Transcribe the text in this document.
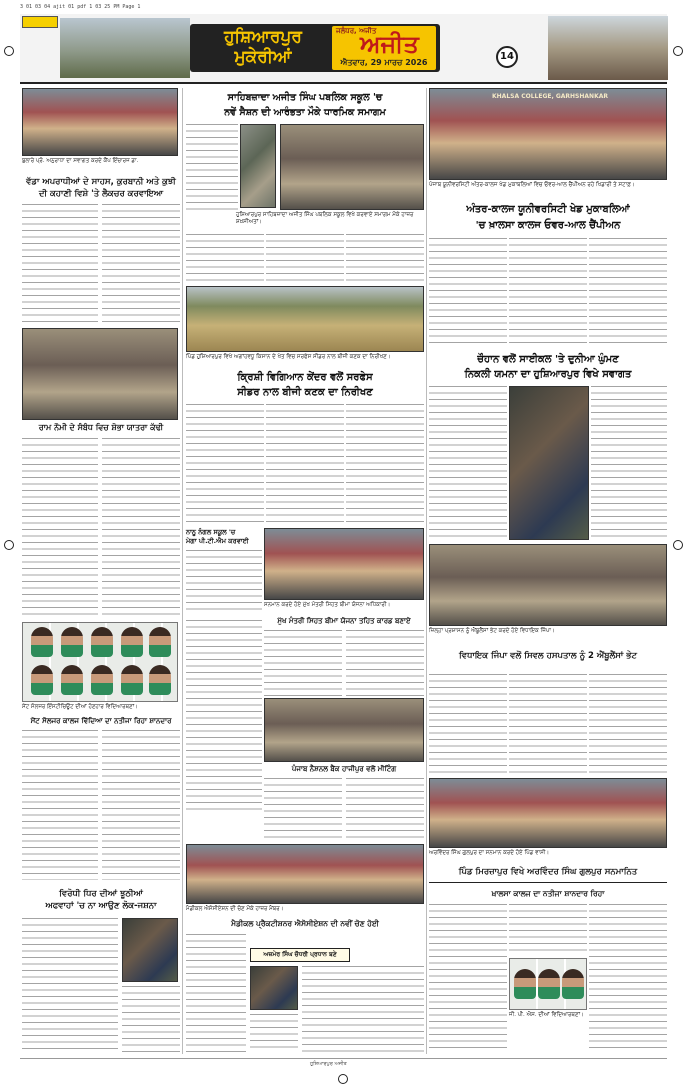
3 01 03 04 ajit 01 pdf 1 03 25 PM Page 1
ਹੁਸ਼ਿਆਰਪੁਰ
ਮੁਕੇਰੀਆਂ
ਜਲੰਧਰ, ਅਜੀਤ
ਅਜੀਤ
ਐਤਵਾਰ, 29 ਮਾਰਚ 2026
14
ਬੁਲਾਰੇ ਪ੍ਰੋ. ਅਨੁਰਾਧਾ ਦਾ ਸਵਾਗਤ ਕਰਦੇ ਕੈਂਪ ਇੰਚਾਰਜ ਡਾ.
ਵੱਡਾ ਅਪਰਾਧੀਆਂ ਦੇ ਸਾਹਸ, ਕੁਰਬਾਨੀ ਅਤੇ ਕੁਝੀ
ਦੀ ਕਹਾਣੀ ਵਿਸ਼ੇ 'ਤੇ ਲੈਕਚਰ ਕਰਵਾਇਆ
ਰਾਮ ਨੌਮੀ ਦੇ ਸੰਬੰਧ ਵਿਚ ਸ਼ੋਭਾ ਯਾਤਰਾ ਕੱਢੀ
ਸੇਂਟ ਸੋਲਜਰ ਇੰਸਟੀਚਿਊਟ ਦੀਆਂ ਹੋਣਹਾਰ ਵਿਦਿਆਰਥਣਾਂ।
ਸੇਂਟ ਸੋਲਜਰ ਕਾਲਜ ਵਿੱਦਿਆ ਦਾ ਨਤੀਜਾ ਰਿਹਾ ਸ਼ਾਨਦਾਰ
ਵਿਰੋਧੀ ਧਿਰ ਦੀਆਂ ਝੂਠੀਆਂ
ਅਫਵਾਹਾਂ 'ਚ ਨਾ ਆਉਣ ਲੋਕ-ਜਸ਼ਨਾ
ਸਾਹਿਬਜ਼ਾਦਾ ਅਜੀਤ ਸਿੰਘ ਪਬਲਿਕ ਸਕੂਲ 'ਚ
ਨਵੇਂ ਸੈਸ਼ਨ ਦੀ ਆਰੰਭਤਾ ਮੌਕੇ ਧਾਰਮਿਕ ਸਮਾਗਮ
ਹੁਸ਼ਿਆਰਪੁਰ ਸਾਹਿਬਜ਼ਾਦਾ ਅਜੀਤ ਸਿੰਘ ਪਬਲਿਕ ਸਕੂਲ ਵਿਖੇ ਕਰਵਾਏ ਸਮਾਗਮ ਮੌਕੇ ਹਾਜ਼ਰ ਸ਼ਖ਼ਸੀਅਤਾਂ।
ਪਿੰਡ ਹੁਸ਼ਿਆਰਪੁਰ ਵਿਖੇ ਅਗਾਂਹਵਧੂ ਕਿਸਾਨ ਦੇ ਖੇਤ ਵਿਚ ਸਰਫੇਸ ਸੀਡਰ ਨਾਲ ਬੀਜੀ ਕਣਕ ਦਾ ਨਿਰੀਖਣ।
ਕ੍ਰਿਸ਼ੀ ਵਿਗਿਆਨ ਕੇਂਦਰ ਵਲੋਂ ਸਰਫੇਸ
ਸੀਡਰ ਨਾਲ ਬੀਜੀ ਕਣਕ ਦਾ ਨਿਰੀਖਣ
ਨਾਨੂ ਨੰਗਲ ਸਕੂਲ 'ਚ
ਮੇਗਾ ਪੀ.ਟੀ.ਐਮ ਕਰਵਾਈ
ਸਨਮਾਨ ਕਰਦੇ ਹੋਏ ਮੁੱਖ ਮੰਤਰੀ ਸਿਹਤ ਬੀਮਾ ਯੋਜਨਾ ਅਧਿਕਾਰੀ।
ਮੁੱਖ ਮੰਤਰੀ ਸਿਹਤ ਬੀਮਾ ਯੋਜਨਾ ਤਹਿਤ ਕਾਰਡ ਬਣਾਏ
ਪੰਜਾਬ ਨੈਸ਼ਨਲ ਬੈਂਕ ਹਾਜੀਪੁਰ ਵਲੋਂ ਮੀਟਿੰਗ
ਮੈਡੀਕਲ ਐਸੋਸੀਏਸ਼ਨ ਦੀ ਚੋਣ ਮੌਕੇ ਹਾਜ਼ਰ ਮੈਂਬਰ।
ਮੈਡੀਕਲ ਪ੍ਰੈਕਟੀਸ਼ਨਰ ਐਸੋਸੀਏਸ਼ਨ ਦੀ ਨਵੀਂ ਚੋਣ ਹੋਈ
ਅਜ਼ਮੇਰ ਸਿੰਘ ਚੌਧਰੀ ਪ੍ਰਧਾਨ ਬਣੇ
KHALSA COLLEGE, GARHSHANKAR
ਪੰਜਾਬ ਯੂਨੀਵਰਸਿਟੀ ਅੰਤਰ-ਕਾਲਜ ਖੇਡ ਮੁਕਾਬਲਿਆਂ ਵਿਚ ਓਵਰ-ਆਲ ਚੈਂਪੀਅਨ ਰਹੇ ਖਿਡਾਰੀ ਤੇ ਸਟਾਫ਼।
ਅੰਤਰ-ਕਾਲਜ ਯੂਨੀਵਰਸਿਟੀ ਖੇਡ ਮੁਕਾਬਲਿਆਂ
'ਚ ਖ਼ਾਲਸਾ ਕਾਲਜ ਓਵਰ-ਆਲ ਚੈਂਪੀਅਨ
ਚੌਹਾਨ ਵਲੋਂ ਸਾਈਕਲ 'ਤੇ ਦੁਨੀਆ ਘੁੰਮਣ
ਨਿਕਲੀ ਯਮਨਾ ਦਾ ਹੁਸ਼ਿਆਰਪੁਰ ਵਿਖੇ ਸਵਾਗਤ
ਜ਼ਿਲ੍ਹਾ ਪ੍ਰਸ਼ਾਸਨ ਨੂੰ ਐਂਬੂਲੈਂਸਾਂ ਭੇਟ ਕਰਦੇ ਹੋਏ ਵਿਧਾਇਕ ਜਿੰਪਾ।
ਵਿਧਾਇਕ ਜਿੰਪਾ ਵਲੋਂ ਸਿਵਲ ਹਸਪਤਾਲ ਨੂੰ 2 ਐਂਬੂਲੈਂਸਾਂ ਭੇਟ
ਅਰਵਿੰਦਰ ਸਿੰਘ ਗੁਲਪੁਰ ਦਾ ਸਨਮਾਨ ਕਰਦੇ ਹੋਏ ਪਿੰਡ ਵਾਸੀ।
ਪਿੰਡ ਮਿਰਜ਼ਾਪੁਰ ਵਿਖੇ ਅਰਵਿੰਦਰ ਸਿੰਘ ਗੁਲਪੁਰ ਸਨਮਾਨਿਤ
ਖ਼ਾਲਸਾ ਕਾਲਜ ਦਾ ਨਤੀਜਾ ਸ਼ਾਨਦਾਰ ਰਿਹਾ
ਜੀ. ਪੀ. ਐਸ. ਦੀਆਂ ਵਿਦਿਆਰਥਣਾਂ।
ਹੁਸ਼ਿਆਰਪੁਰ ਅਜੀਤ
